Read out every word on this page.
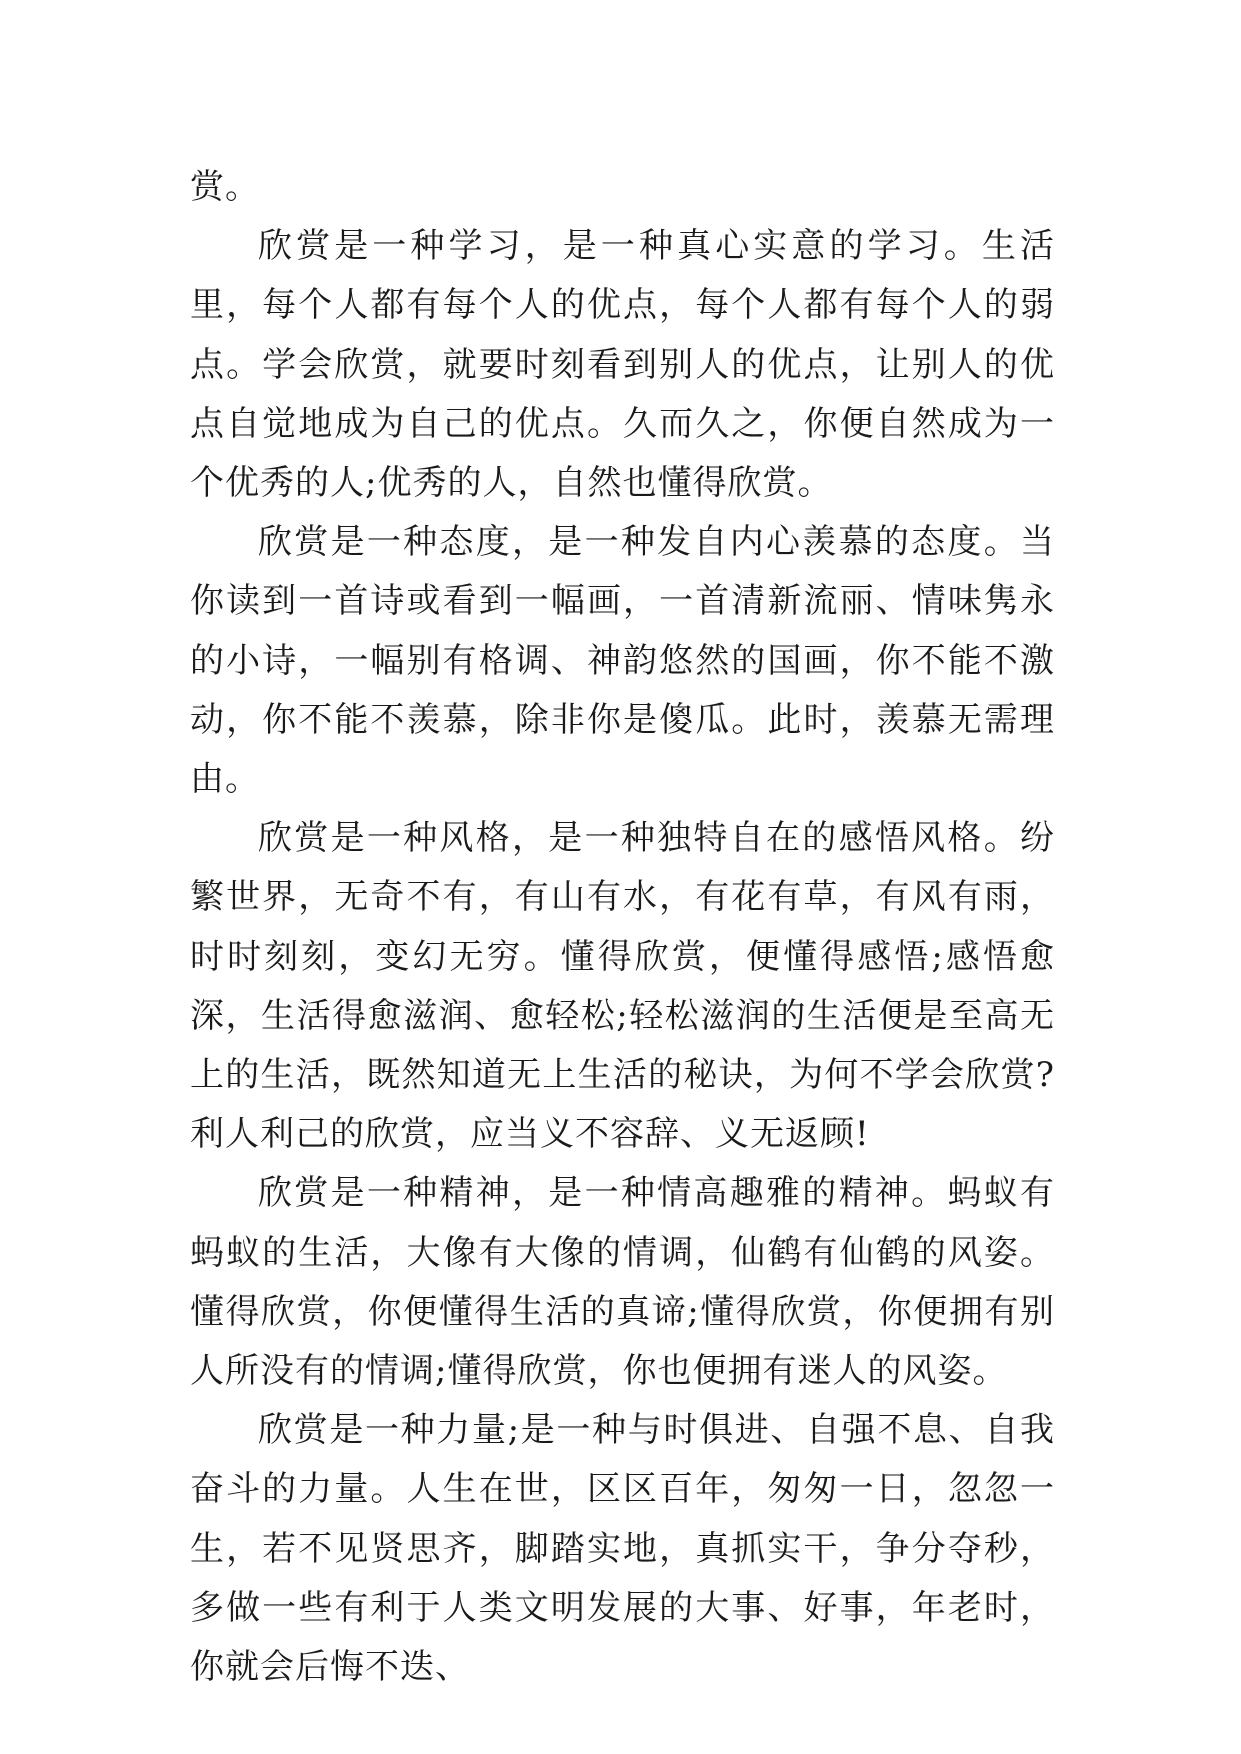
赏。

欣赏是一种学习，是一种真心实意的学习。生活里，每个人都有每个人的优点，每个人都有每个人的弱点。学会欣赏，就要时刻看到别人的优点，让别人的优点自觉地成为自己的优点。久而久之，你便自然成为一个优秀的人;优秀的人，自然也懂得欣赏。

欣赏是一种态度，是一种发自内心羡慕的态度。当你读到一首诗或看到一幅画，一首清新流丽、情味隽永的小诗，一幅别有格调、神韵悠然的国画，你不能不激动，你不能不羡慕，除非你是傻瓜。此时，羡慕无需理由。

欣赏是一种风格，是一种独特自在的感悟风格。纷繁世界，无奇不有，有山有水，有花有草，有风有雨，时时刻刻，变幻无穷。懂得欣赏，便懂得感悟;感悟愈深，生活得愈滋润、愈轻松;轻松滋润的生活便是至高无上的生活，既然知道无上生活的秘诀，为何不学会欣赏?利人利己的欣赏，应当义不容辞、义无返顾!

欣赏是一种精神，是一种情高趣雅的精神。蚂蚁有蚂蚁的生活，大像有大像的情调，仙鹤有仙鹤的风姿。懂得欣赏，你便懂得生活的真谛;懂得欣赏，你便拥有别人所没有的情调;懂得欣赏，你也便拥有迷人的风姿。

欣赏是一种力量;是一种与时俱进、自强不息、自我奋斗的力量。人生在世，区区百年，匆匆一日，忽忽一生，若不见贤思齐，脚踏实地，真抓实干，争分夺秒，多做一些有利于人类文明发展的大事、好事，年老时，你就会后悔不迭、
